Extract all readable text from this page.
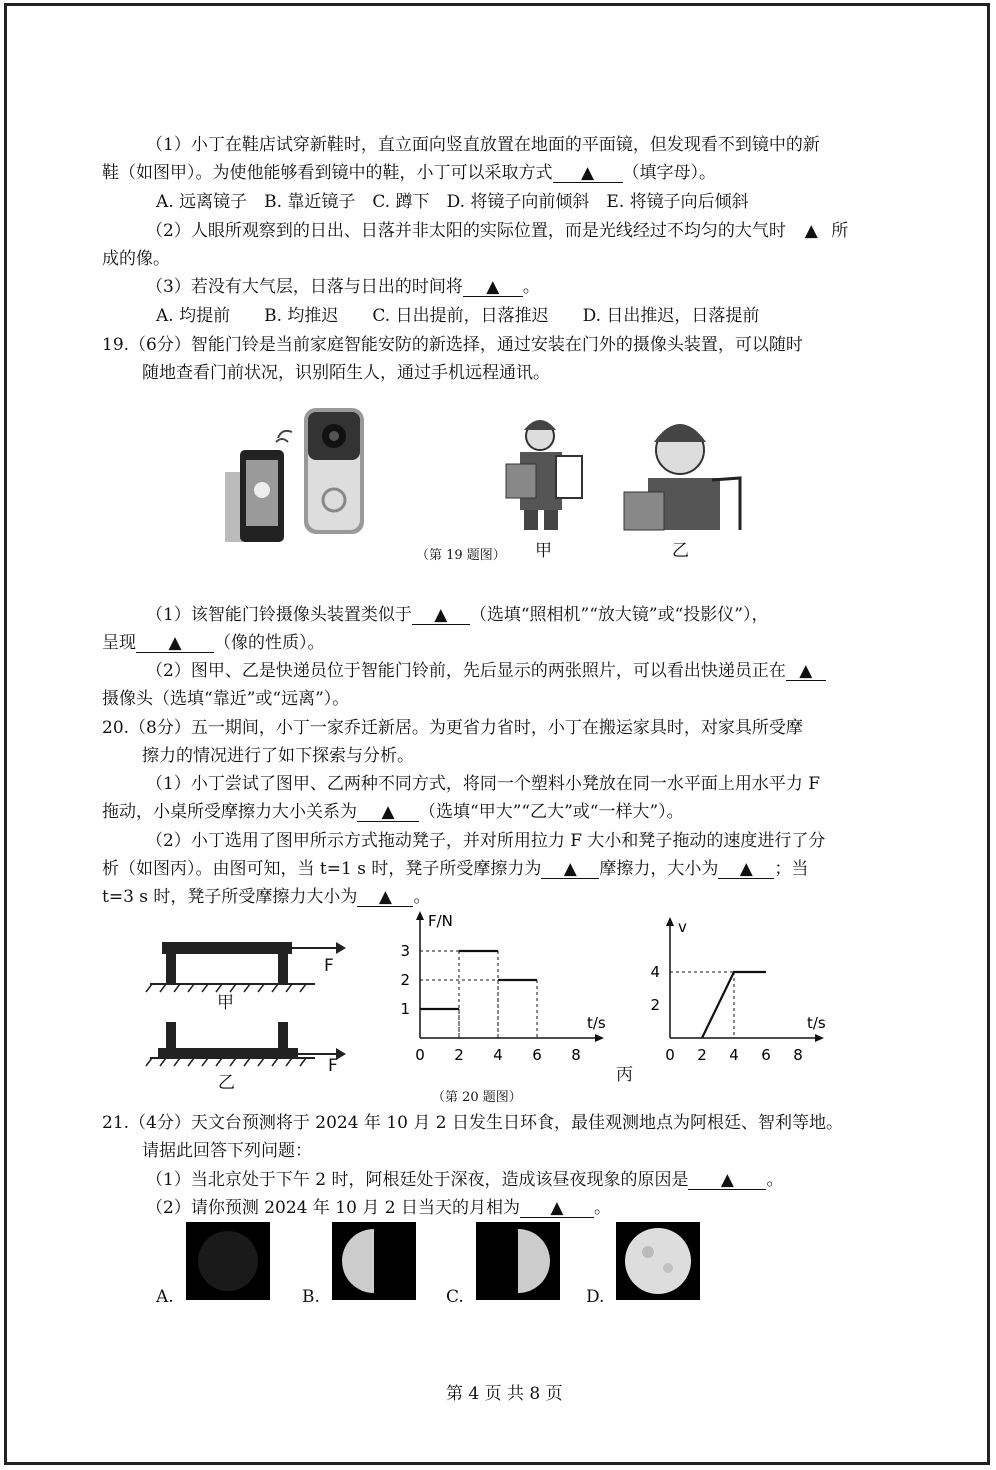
（1）小丁在鞋店试穿新鞋时，直立面向竖直放置在地面的平面镜，但发现看不到镜中的新
鞋（如图甲）。为使他能够看到镜中的鞋，小丁可以采取方式 ▲ （填字母）。
A. 远离镜子　B. 靠近镜子　C. 蹲下　D. 将镜子向前倾斜　E. 将镜子向后倾斜
（2）人眼所观察到的日出、日落并非太阳的实际位置，而是光线经过不均匀的大气时 ▲ 所
成的像。
（3）若没有大气层，日落与日出的时间将 ▲ 。
A. 均提前　　B. 均推迟　　C. 日出提前，日落推迟　　D. 日出推迟，日落提前
19.（6分）智能门铃是当前家庭智能安防的新选择，通过安装在门外的摄像头装置，可以随时
随地查看门前状况，识别陌生人，通过手机远程通讯。
（第 19 题图） 甲	乙
（1）该智能门铃摄像头装置类似于 ▲ （选填“照相机”“放大镜”或“投影仪”），
呈现 ▲ （像的性质）。
（2）图甲、乙是快递员位于智能门铃前，先后显示的两张照片，可以看出快递员正在 ▲
摄像头（选填“靠近”或“远离”）。
20.（8分）五一期间，小丁一家乔迁新居。为更省力省时，小丁在搬运家具时，对家具所受摩
擦力的情况进行了如下探索与分析。
（1）小丁尝试了图甲、乙两种不同方式，将同一个塑料小凳放在同一水平面上用水平力 F
拖动，小桌所受摩擦力大小关系为 ▲ （选填“甲大”“乙大”或“一样大”）。
（2）小丁选用了图甲所示方式拖动凳子，并对所用拉力 F 大小和凳子拖动的速度进行了分
析（如图丙）。由图可知，当 t=1 s 时，凳子所受摩擦力为 ▲ 摩擦力，大小为 ▲ ；当
t=3 s 时，凳子所受摩擦力大小为 ▲ 。
F
F
甲
乙
t/s
F/N
0 2 4 6 8
1
2
3
t/s
v
0 2 4 6 8
2
4
丙
（第 20 题图）
21.（4分）天文台预测将于 2024 年 10 月 2 日发生日环食，最佳观测地点为阿根廷、智利等地。
请据此回答下列问题：
（1）当北京处于下午 2 时，阿根廷处于深夜，造成该昼夜现象的原因是 ▲ 。
（2）请你预测 2024 年 10 月 2 日当天的月相为 ▲ 。
A.	B.	C.	D.
第 4 页 共 8 页
